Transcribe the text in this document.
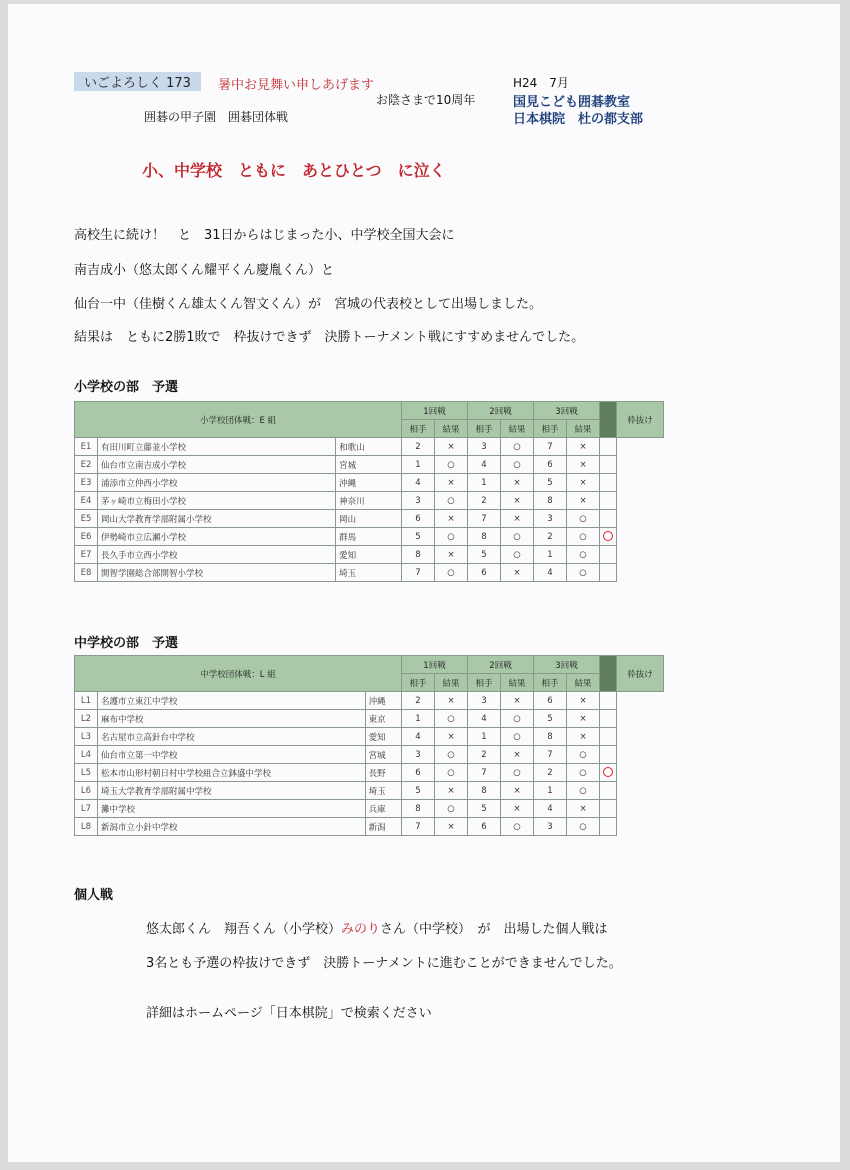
いごよろしく 173	暑中お見舞い申しあげます
お陰さまで10周年
H24　7月
国見こども囲碁教室
日本棋院　杜の都支部
囲碁の甲子園　囲碁団体戦
小、中学校　ともに　あとひとつ　に泣く
高校生に続け！　と　31日からはじまった小、中学校全国大会に
南吉成小（悠太郎くん耀平くん慶胤くん）と
仙台一中（佳樹くん雄太くん智文くん）が　宮城の代表校として出場しました。
結果は　ともに2勝1敗で　枠抜けできず　決勝トーナメント戦にすすめませんでした。
小学校の部　予選
小学校団体戦：E 組			1回戦		2回戦		3回戦			枠抜け
			相手	結果	相手	結果	相手	結果		
E1	有田川町立藤並小学校	和歌山	2	×	3	○	7	×		
E2	仙台市立南吉成小学校	宮城	1	○	4	○	6	×		
E3	浦添市立仲西小学校	沖縄	4	×	1	×	5	×		
E4	茅ヶ崎市立梅田小学校	神奈川	3	○	2	×	8	×		
E5	岡山大学教育学部附属小学校	岡山	6	×	7	×	3	○		
E6	伊勢崎市立広瀬小学校	群馬	5	○	8	○	2	○		
E7	長久手市立西小学校	愛知	8	×	5	○	1	○		
E8	開智学園総合部開智小学校	埼玉	7	○	6	×	4	○		
中学校の部　予選
中学校団体戦：L 組			1回戦		2回戦		3回戦			枠抜け
			相手	結果	相手	結果	相手	結果		
L1	名護市立東江中学校	沖縄	2	×	3	×	6	×		
L2	麻布中学校	東京	1	○	4	○	5	×		
L3	名古屋市立高針台中学校	愛知	4	×	1	○	8	×		
L4	仙台市立第一中学校	宮城	3	○	2	×	7	○		
L5	松本市山形村朝日村中学校組合立鉢盛中学校	長野	6	○	7	○	2	○		
L6	埼玉大学教育学部附属中学校	埼玉	5	×	8	×	1	○		
L7	灘中学校	兵庫	8	○	5	×	4	×		
L8	新潟市立小針中学校	新潟	7	×	6	○	3	○		
個人戦
悠太郎くん　翔吾くん（小学校）みのりさん（中学校）　が　出場した個人戦は
3名とも予選の枠抜けできず　決勝トーナメントに進むことができませんでした。
詳細はホームページ「日本棋院」で検索ください
